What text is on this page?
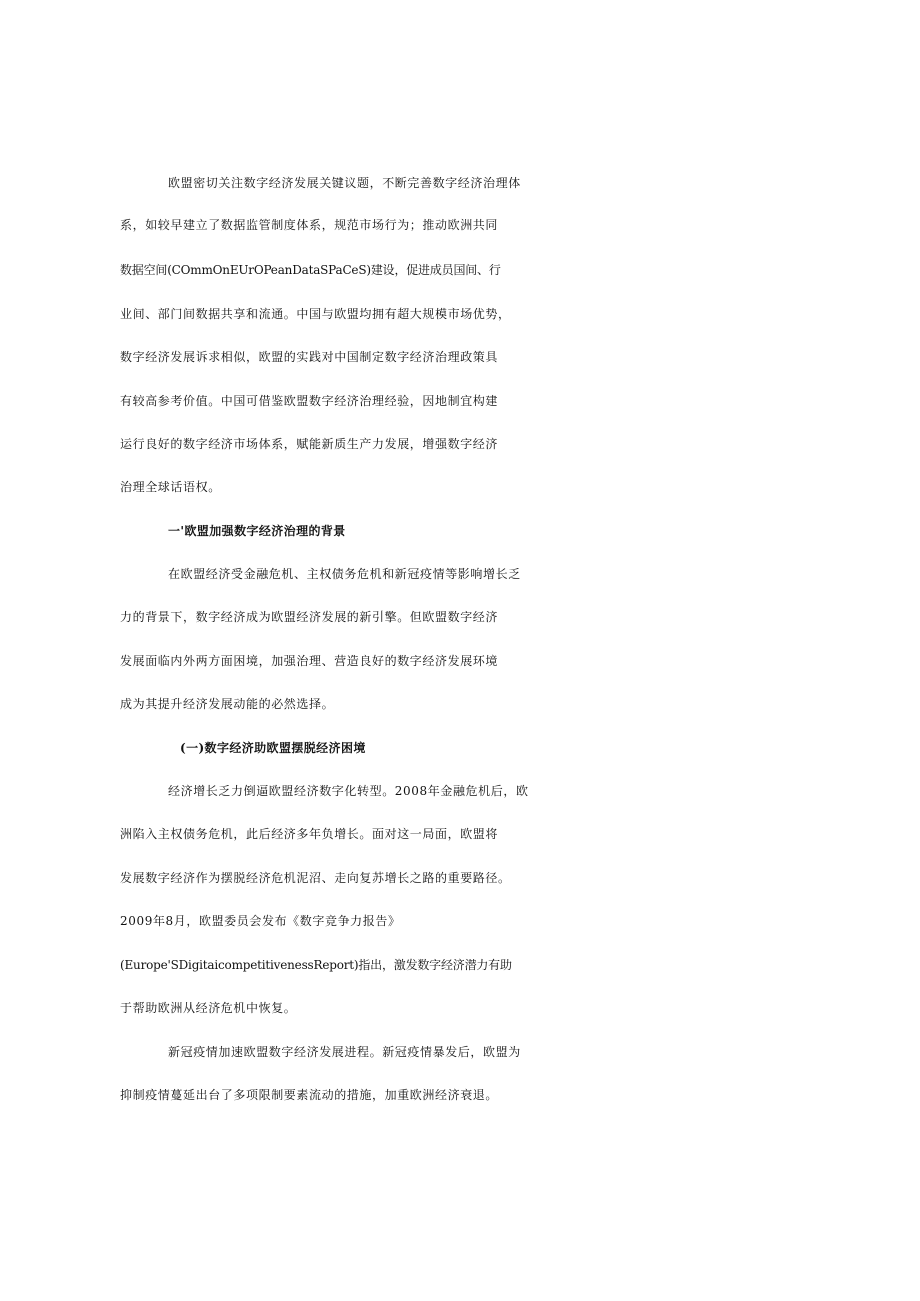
欧盟密切关注数字经济发展关键议题，不断完善数字经济治理体
系，如较早建立了数据监管制度体系，规范市场行为；推动欧洲共同
数据空间(COmmOnEUrOPeanDataSPaCeS)建设，促进成员国间、行
业间、部门间数据共享和流通。中国与欧盟均拥有超大规模市场优势，
数字经济发展诉求相似，欧盟的实践对中国制定数字经济治理政策具
有较高参考价值。中国可借鉴欧盟数字经济治理经验，因地制宜构建
运行良好的数字经济市场体系，赋能新质生产力发展，增强数字经济
治理全球话语权。
一'欧盟加强数字经济治理的背景
在欧盟经济受金融危机、主权债务危机和新冠疫情等影响增长乏
力的背景下，数字经济成为欧盟经济发展的新引擎。但欧盟数字经济
发展面临内外两方面困境，加强治理、营造良好的数字经济发展环境
成为其提升经济发展动能的必然选择。
(一)数字经济助欧盟摆脱经济困境
经济增长乏力倒逼欧盟经济数字化转型。2008年金融危机后，欧
洲陷入主权债务危机，此后经济多年负增长。面对这一局面，欧盟将
发展数字经济作为摆脱经济危机泥沼、走向复苏增长之路的重要路径。
2009年8月，欧盟委员会发布《数字竞争力报告》
(Europe'SDigitaicompetitivenessReport)指出，激发数字经济潜力有助
于帮助欧洲从经济危机中恢复。
新冠疫情加速欧盟数字经济发展进程。新冠疫情暴发后，欧盟为
抑制疫情蔓延出台了多项限制要素流动的措施，加重欧洲经济衰退。
